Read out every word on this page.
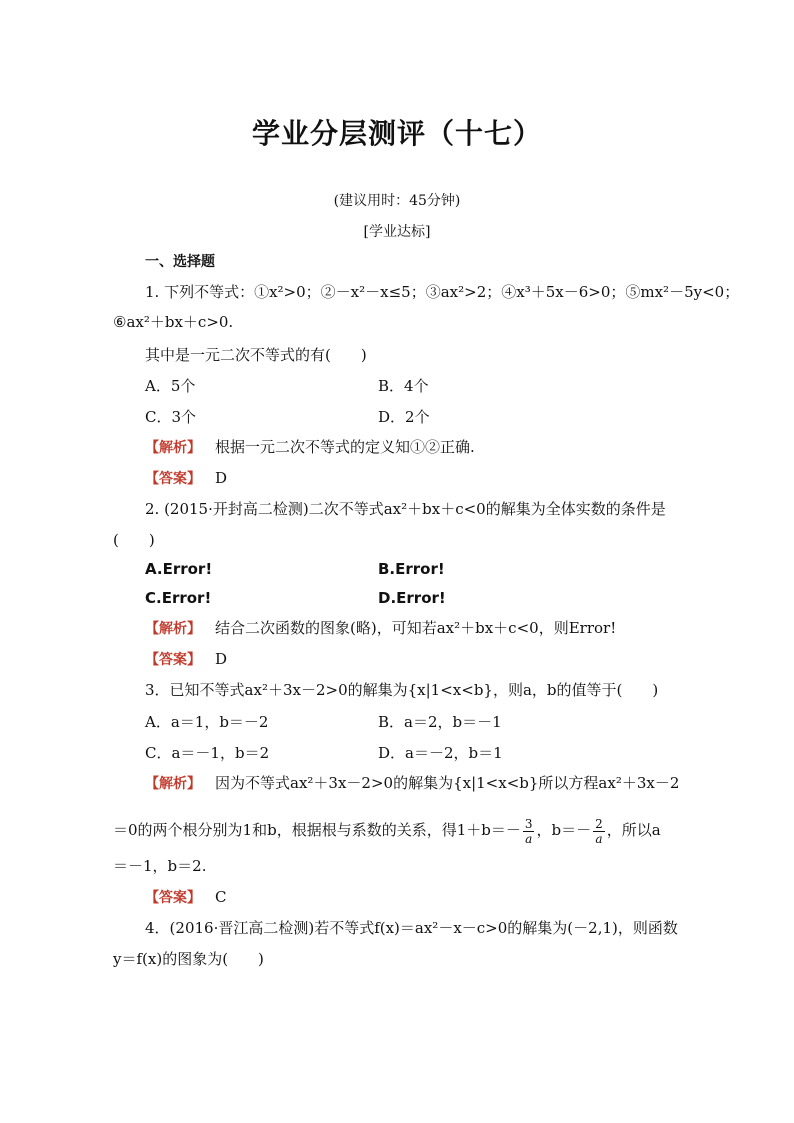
学业分层测评（十七）
(建议用时：45分钟)
[学业达标]
一、选择题
1. 下列不等式：①x²>0；②－x²－x≤5；③ax²>2；④x³＋5x－6>0；⑤mx²－5y<0；
⑥ax²＋bx＋c>0.
其中是一元二次不等式的有(　　)
A．5个	B．4个
C．3个	D．2个
【解析】 根据一元二次不等式的定义知①②正确.
【答案】 D
2. (2015·开封高二检测)二次不等式ax²＋bx＋c<0的解集为全体实数的条件是
(　　)
A.Error!	B.Error!
C.Error!	D.Error!
【解析】 结合二次函数的图象(略)，可知若ax²＋bx＋c<0，则Error!
【答案】 D
3．已知不等式ax²＋3x－2>0的解集为{x|1<x<b}，则a，b的值等于(　　)
A．a＝1，b＝－2	B．a＝2，b＝－1
C．a＝－1，b＝2	D．a＝－2，b＝1
【解析】 因为不等式ax²＋3x－2>0的解集为{x|1<x<b}所以方程ax²＋3x－2
＝0的两个根分别为1和b，根据根与系数的关系，得$1+b=- \frac{3}{a}$ ，$b=- \frac{2}{a}$ ，所以a
＝－1，b＝2.
【答案】 C
4．(2016·晋江高二检测)若不等式f(x)＝ax²－x－c>0的解集为(－2,1)，则函数
y＝f(x)的图象为(　　)
